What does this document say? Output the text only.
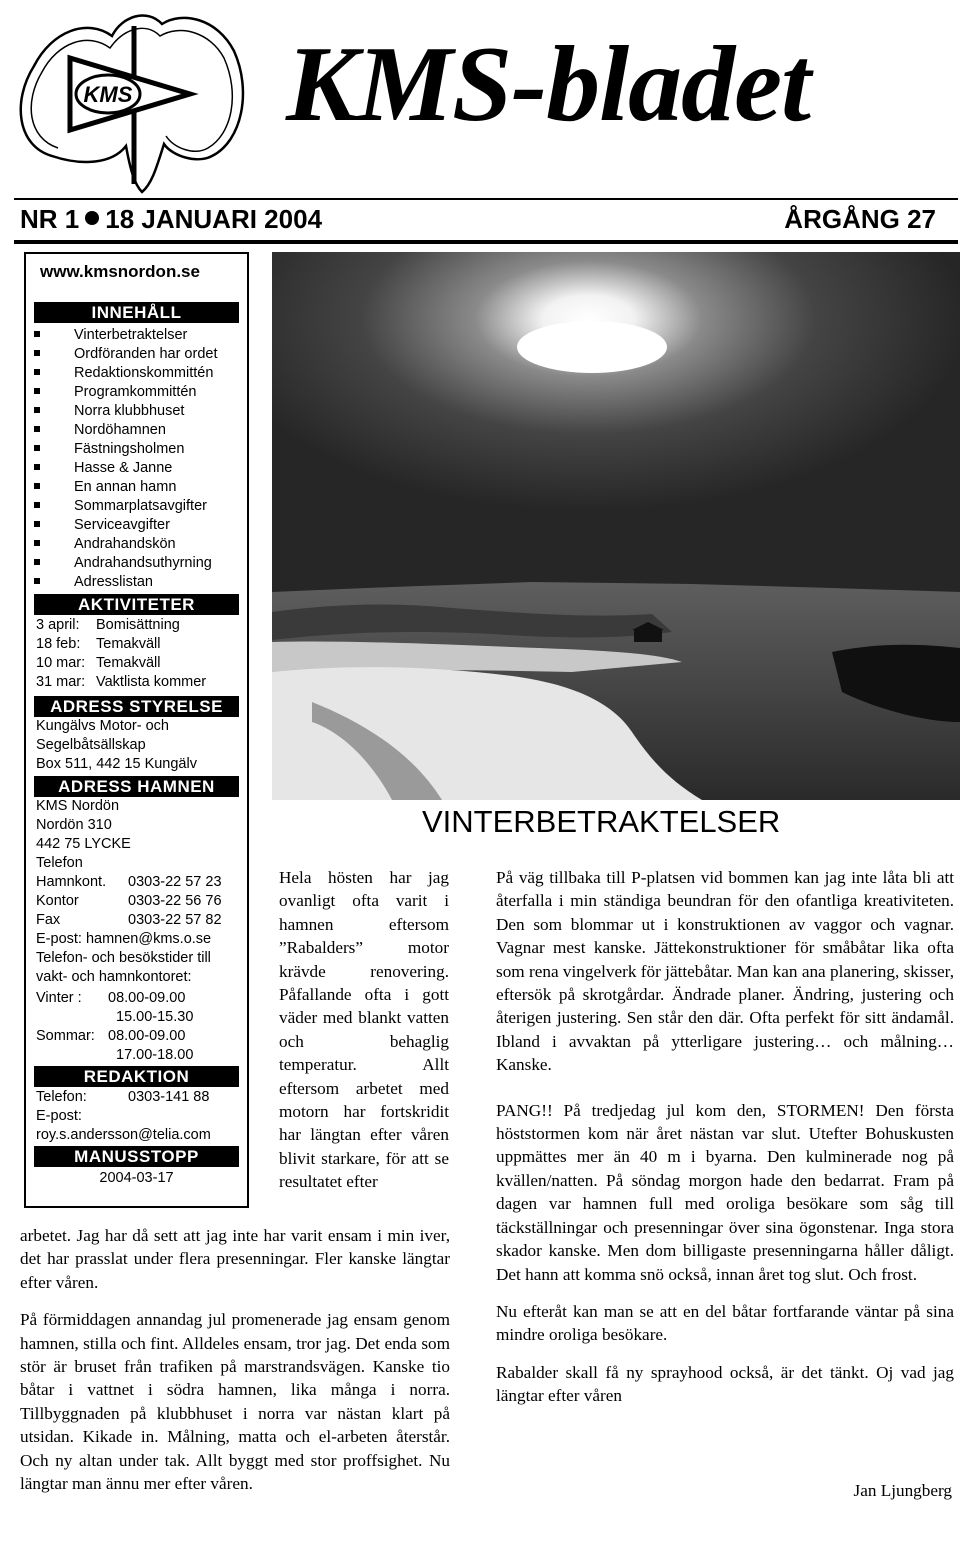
KMS KMS-bladet
NR 1 18 JANUARI 2004	ÅRGÅNG 27
www.kmsnordon.se
INNEHÅLL
Vinterbetraktelser
Ordföranden har ordet
Redaktionskommittén
Programkommittén
Norra klubbhuset
Nordöhamnen
Fästningsholmen
Hasse & Janne
En annan hamn
Sommarplatsavgifter
Serviceavgifter
Andrahandskön
Andrahandsuthyrning
Adresslistan
AKTIVITETER
3 april: Bomisättning
18 feb: Temakväll
10 mar: Temakväll
31 mar: Vaktlista kommer
ADRESS STYRELSE
Kungälvs Motor- och
Segelbåtsällskap
Box 511, 442 15 Kungälv
ADRESS HAMNEN
KMS Nordön
Nordön 310
442 75 LYCKE
Telefon
Hamnkont. 0303-22 57 23
Kontor	0303-22 56 76
Fax	0303-22 57 82
E-post: hamnen@kms.o.se
Telefon- och besökstider till
vakt- och hamnkontoret:
Vinter : 08.00-09.00
15.00-15.30
Sommar: 08.00-09.00
17.00-18.00
REDAKTION
Telefon:	0303-141 88
E-post:
roy.s.andersson@telia.com
MANUSSTOPP
2004-03-17
VINTERBETRAKTELSER

Hela hösten har jag ovanligt ofta varit i hamnen eftersom ”Rabalders” motor krävde renovering. Påfallande ofta i gott väder med blankt vatten och behaglig temperatur. Allt eftersom arbetet med motorn har fortskridit har längtan efter våren blivit starkare, för att se resultatet efter

arbetet. Jag har då sett att jag inte har varit ensam i min iver, det har prasslat under flera presenningar. Fler kanske längtar efter våren.

På förmiddagen annandag jul promenerade jag ensam genom hamnen, stilla och fint. Alldeles ensam, tror jag. Det enda som stör är bruset från trafiken på marstrandsvägen. Kanske tio båtar i vattnet i södra hamnen, lika många i norra. Tillbyggnaden på klubbhuset i norra var nästan klart på utsidan. Kikade in. Målning, matta och el-arbeten återstår. Och ny altan under tak. Allt byggt med stor proffsighet. Nu längtar man ännu mer efter våren.

På väg tillbaka till P-platsen vid bommen kan jag inte låta bli att återfalla i min ständiga beundran för den ofantliga kreativiteten. Den som blommar ut i konstruktionen av vaggor och vagnar. Vagnar mest kanske. Jättekonstruktioner för småbåtar lika ofta som rena vingelverk för jättebåtar. Man kan ana planering, skisser, eftersök på skrotgårdar. Ändrade planer. Ändring, justering och återigen justering. Sen står den där. Ofta perfekt för sitt ändamål. Ibland i avvaktan på ytterligare justering… och målning…Kanske.

PANG!! På tredjedag jul kom den, STORMEN! Den första höststormen kom när året nästan var slut. Utefter Bohuskusten uppmättes mer än 40 m i byarna. Den kulminerade nog på kvällen/natten. På söndag morgon hade den bedarrat. Fram på dagen var hamnen full med oroliga besökare som såg till täckställningar och presenningar över sina ögonstenar. Inga stora skador kanske. Men dom billigaste presenningarna håller dåligt. Det hann att komma snö också, innan året tog slut. Och frost.

Nu efteråt kan man se att en del båtar fortfarande väntar på sina mindre oroliga besökare.

Rabalder skall få ny sprayhood också, är det tänkt. Oj vad jag längtar efter våren

Jan Ljungberg
